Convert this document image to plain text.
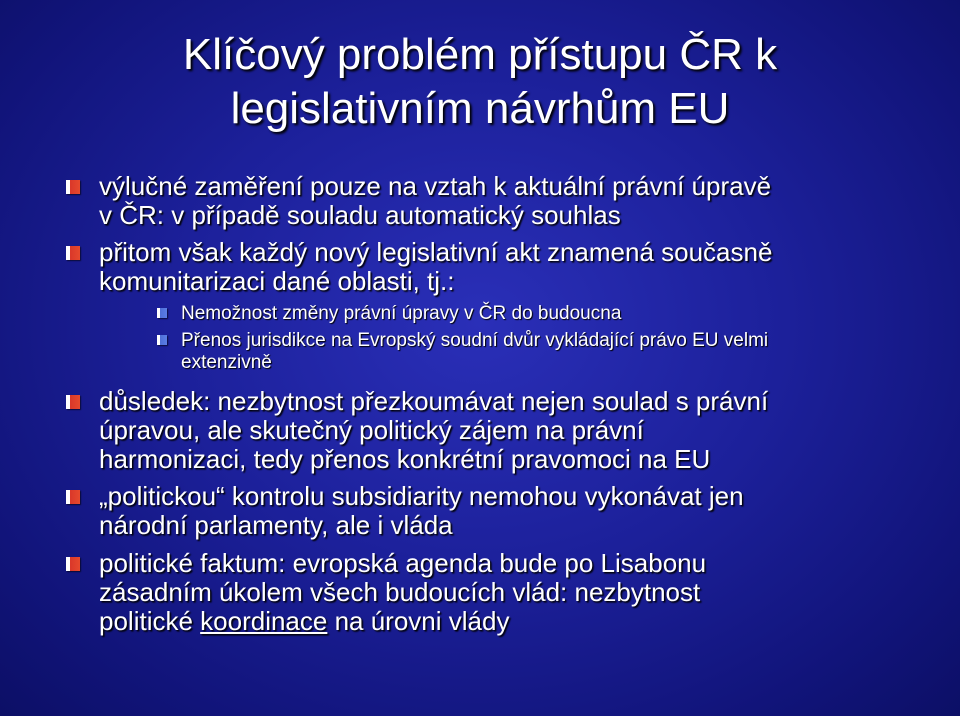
Klíčový problém přístupu ČR k
legislativním návrhům EU
výlučné zaměření pouze na vztah k aktuální právní úpravě
v ČR: v případě souladu automatický souhlas
přitom však každý nový legislativní akt znamená současně
komunitarizaci dané oblasti, tj.:
Nemožnost změny právní úpravy v ČR do budoucna
Přenos jurisdikce na Evropský soudní dvůr vykládající právo EU velmi
extenzivně
důsledek: nezbytnost přezkoumávat nejen soulad s právní
úpravou, ale skutečný politický zájem na právní
harmonizaci, tedy přenos konkrétní pravomoci na EU
„politickou“ kontrolu subsidiarity nemohou vykonávat jen
národní parlamenty, ale i vláda
politické faktum: evropská agenda bude po Lisabonu
zásadním úkolem všech budoucích vlád: nezbytnost
politické koordinace na úrovni vlády
